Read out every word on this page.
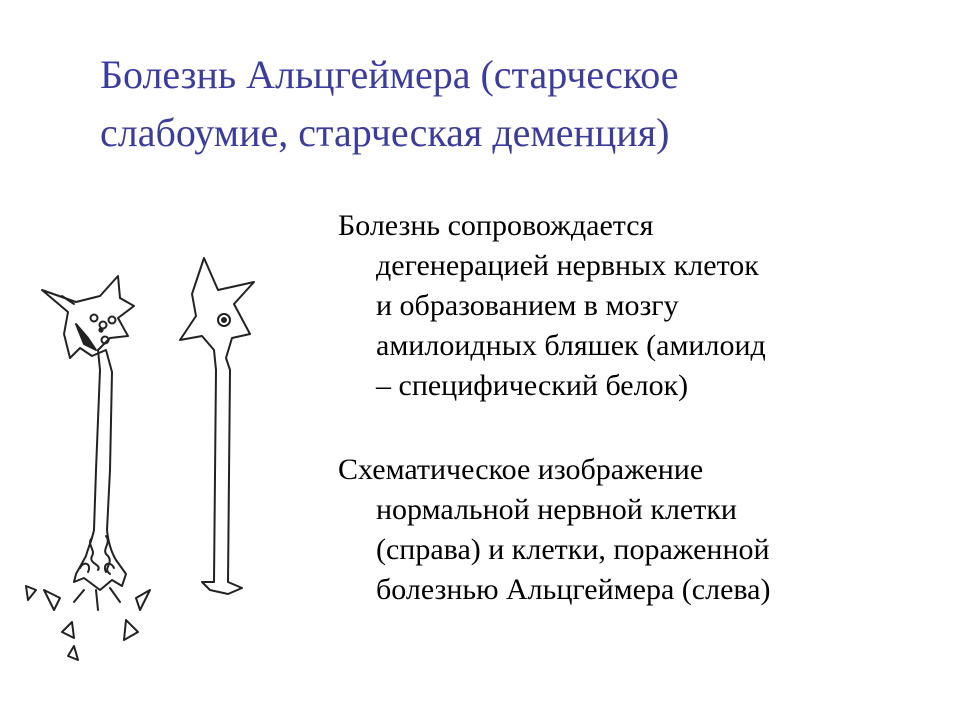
Болезнь Альцгеймера (старческое
слабоумие, старческая деменция)

Болезнь сопровождается
дегенерацией нервных клеток
и образованием в мозгу
амилоидных бляшек (амилоид
– специфический белок)

Схематическое изображение
нормальной нервной клетки
(справа) и клетки, пораженной
болезнью Альцгеймера (слева)
